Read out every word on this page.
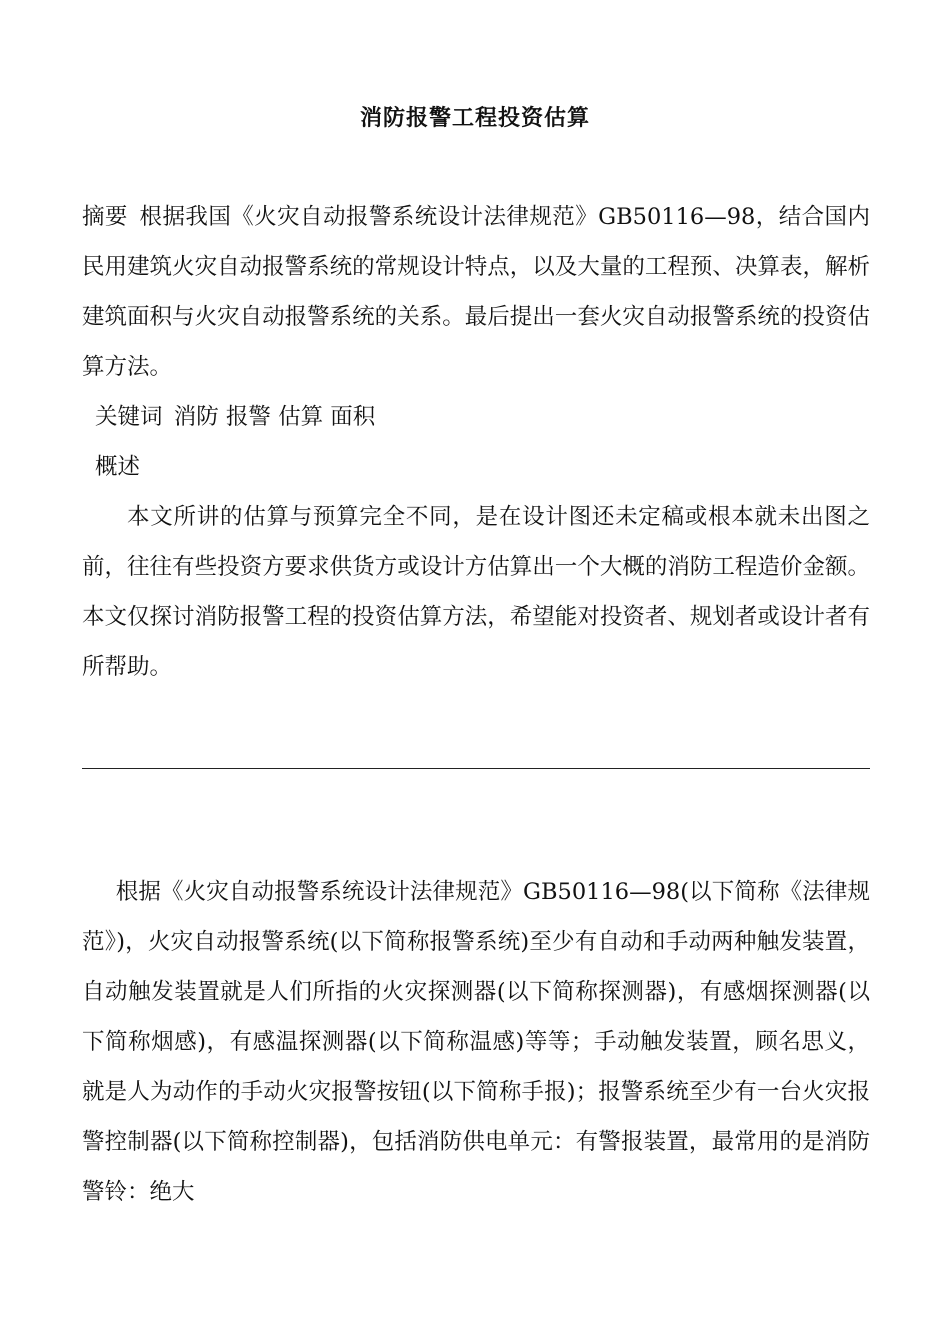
消防报警工程投资估算
摘要 根据我国《火灾自动报警系统设计法律规范》GB50116—98，结合国内民用建筑火灾自动报警系统的常规设计特点，以及大量的工程预、决算表，解析建筑面积与火灾自动报警系统的关系。最后提出一套火灾自动报警系统的投资估算方法。
关键词 消防 报警 估算 面积
概述
本文所讲的估算与预算完全不同，是在设计图还未定稿或根本就未出图之前，往往有些投资方要求供货方或设计方估算出一个大概的消防工程造价金额。本文仅探讨消防报警工程的投资估算方法，希望能对投资者、规划者或设计者有所帮助。
根据《火灾自动报警系统设计法律规范》GB50116—98(以下简称《法律规范》)，火灾自动报警系统(以下简称报警系统)至少有自动和手动两种触发装置，自动触发装置就是人们所指的火灾探测器(以下简称探测器)，有感烟探测器(以下简称烟感)，有感温探测器(以下简称温感)等等；手动触发装置，顾名思义，就是人为动作的手动火灾报警按钮(以下简称手报)；报警系统至少有一台火灾报警控制器(以下简称控制器)，包括消防供电单元：有警报装置，最常用的是消防警铃：绝大
